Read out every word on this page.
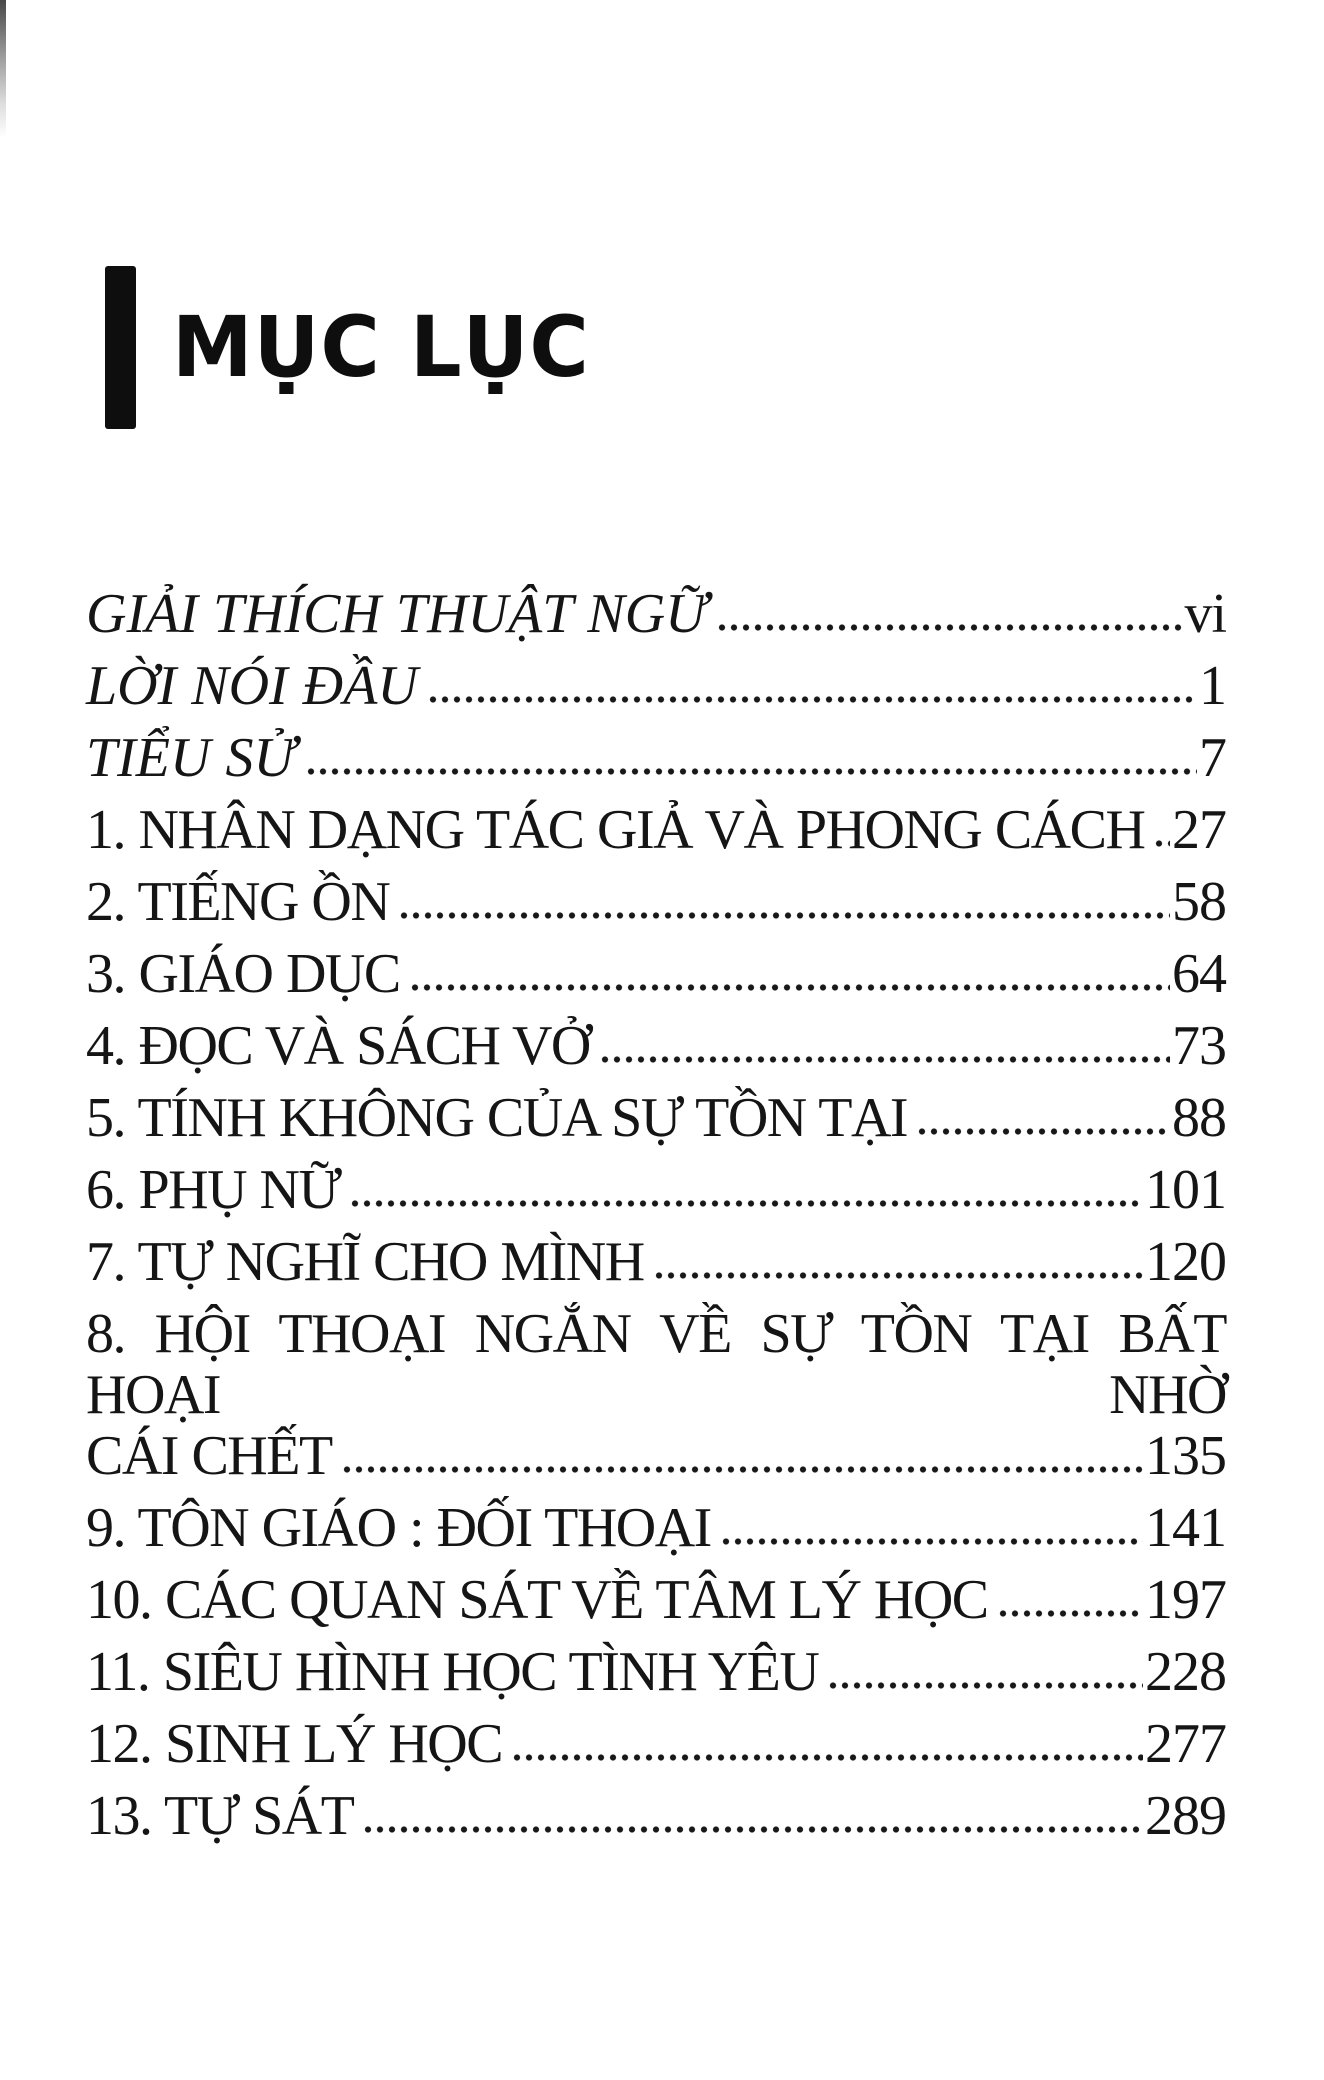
MỤC LỤC
GIẢI THÍCH THUẬT NGỮ	vi
LỜI NÓI ĐẦU	1
TIỂU SỬ	7
1. NHÂN DẠNG TÁC GIẢ VÀ PHONG CÁCH 27
2. TIẾNG ỒN	58
3. GIÁO DỤC	64
4. ĐỌC VÀ SÁCH VỞ	73
5. TÍNH KHÔNG CỦA SỰ TỒN TẠI	88
6. PHỤ NỮ	101
7. TỰ NGHĨ CHO MÌNH	120
8. HỘI THOẠI NGẮN VỀ SỰ TỒN TẠI BẤT HOẠI NHỜ
CÁI CHẾT	135
9. TÔN GIÁO : ĐỐI THOẠI	141
10. CÁC QUAN SÁT VỀ TÂM LÝ HỌC	197
11. SIÊU HÌNH HỌC TÌNH YÊU	228
12. SINH LÝ HỌC	277
13. TỰ SÁT	289
